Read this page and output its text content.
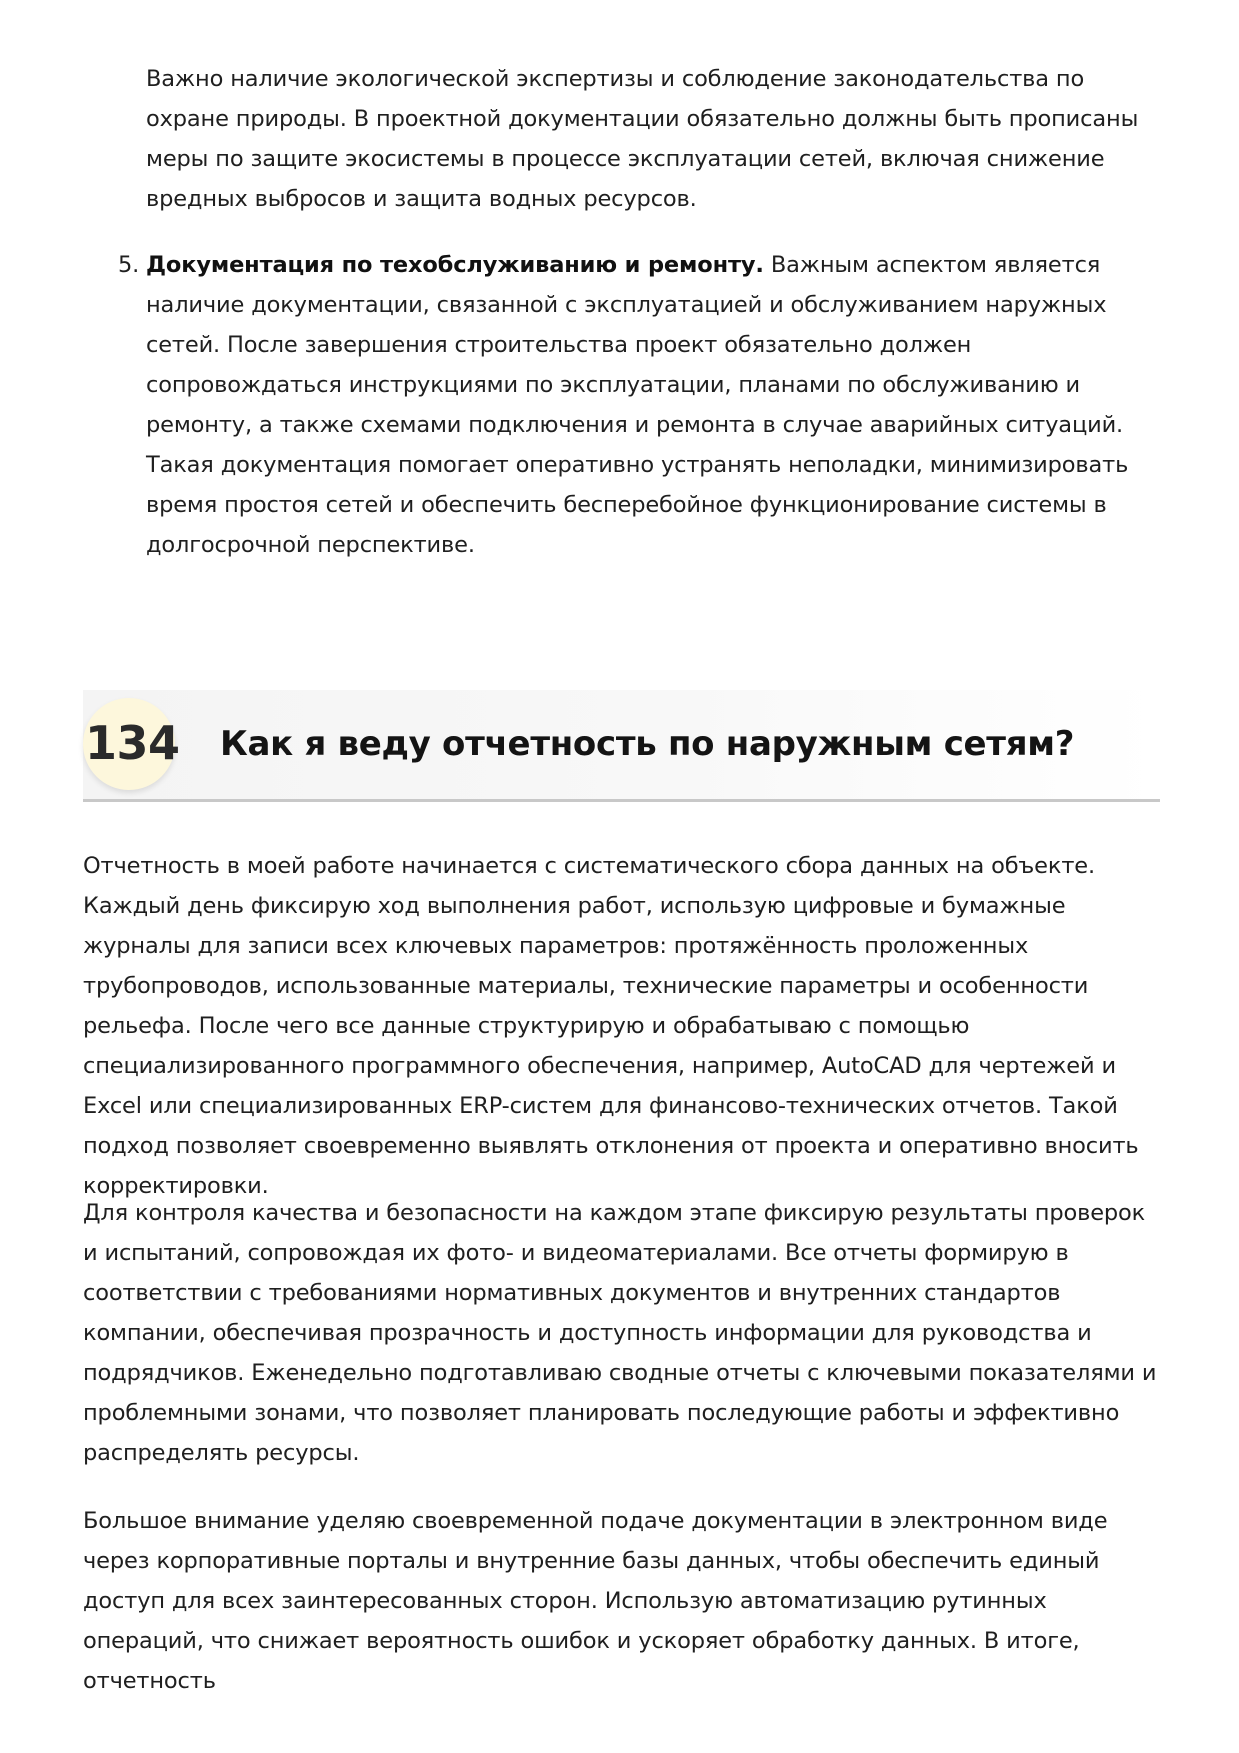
Важно наличие экологической экспертизы и соблюдение законодательства по охране природы. В проектной документации обязательно должны быть прописаны меры по защите экосистемы в процессе эксплуатации сетей, включая снижение вредных выбросов и защита водных ресурсов.

5. Документация по техобслуживанию и ремонту. Важным аспектом является наличие документации, связанной с эксплуатацией и обслуживанием наружных сетей. После завершения строительства проект обязательно должен сопровождаться инструкциями по эксплуатации, планами по обслуживанию и ремонту, а также схемами подключения и ремонта в случае аварийных ситуаций. Такая документация помогает оперативно устранять неполадки, минимизировать время простоя сетей и обеспечить бесперебойное функционирование системы в долгосрочной перспективе.
134 Как я веду отчетность по наружным сетям?

Отчетность в моей работе начинается с систематического сбора данных на объекте. Каждый день фиксирую ход выполнения работ, использую цифровые и бумажные журналы для записи всех ключевых параметров: протяжённость проложенных трубопроводов, использованные материалы, технические параметры и особенности рельефа. После чего все данные структурирую и обрабатываю с помощью специализированного программного обеспечения, например, AutoCAD для чертежей и Excel или специализированных ERP-систем для финансово-технических отчетов. Такой подход позволяет своевременно выявлять отклонения от проекта и оперативно вносить корректировки.

Для контроля качества и безопасности на каждом этапе фиксирую результаты проверок и испытаний, сопровождая их фото- и видеоматериалами. Все отчеты формирую в соответствии с требованиями нормативных документов и внутренних стандартов компании, обеспечивая прозрачность и доступность информации для руководства и подрядчиков. Еженедельно подготавливаю сводные отчеты с ключевыми показателями и проблемными зонами, что позволяет планировать последующие работы и эффективно распределять ресурсы.

Большое внимание уделяю своевременной подаче документации в электронном виде через корпоративные порталы и внутренние базы данных, чтобы обеспечить единый доступ для всех заинтересованных сторон. Использую автоматизацию рутинных операций, что снижает вероятность ошибок и ускоряет обработку данных. В итоге, отчетность
